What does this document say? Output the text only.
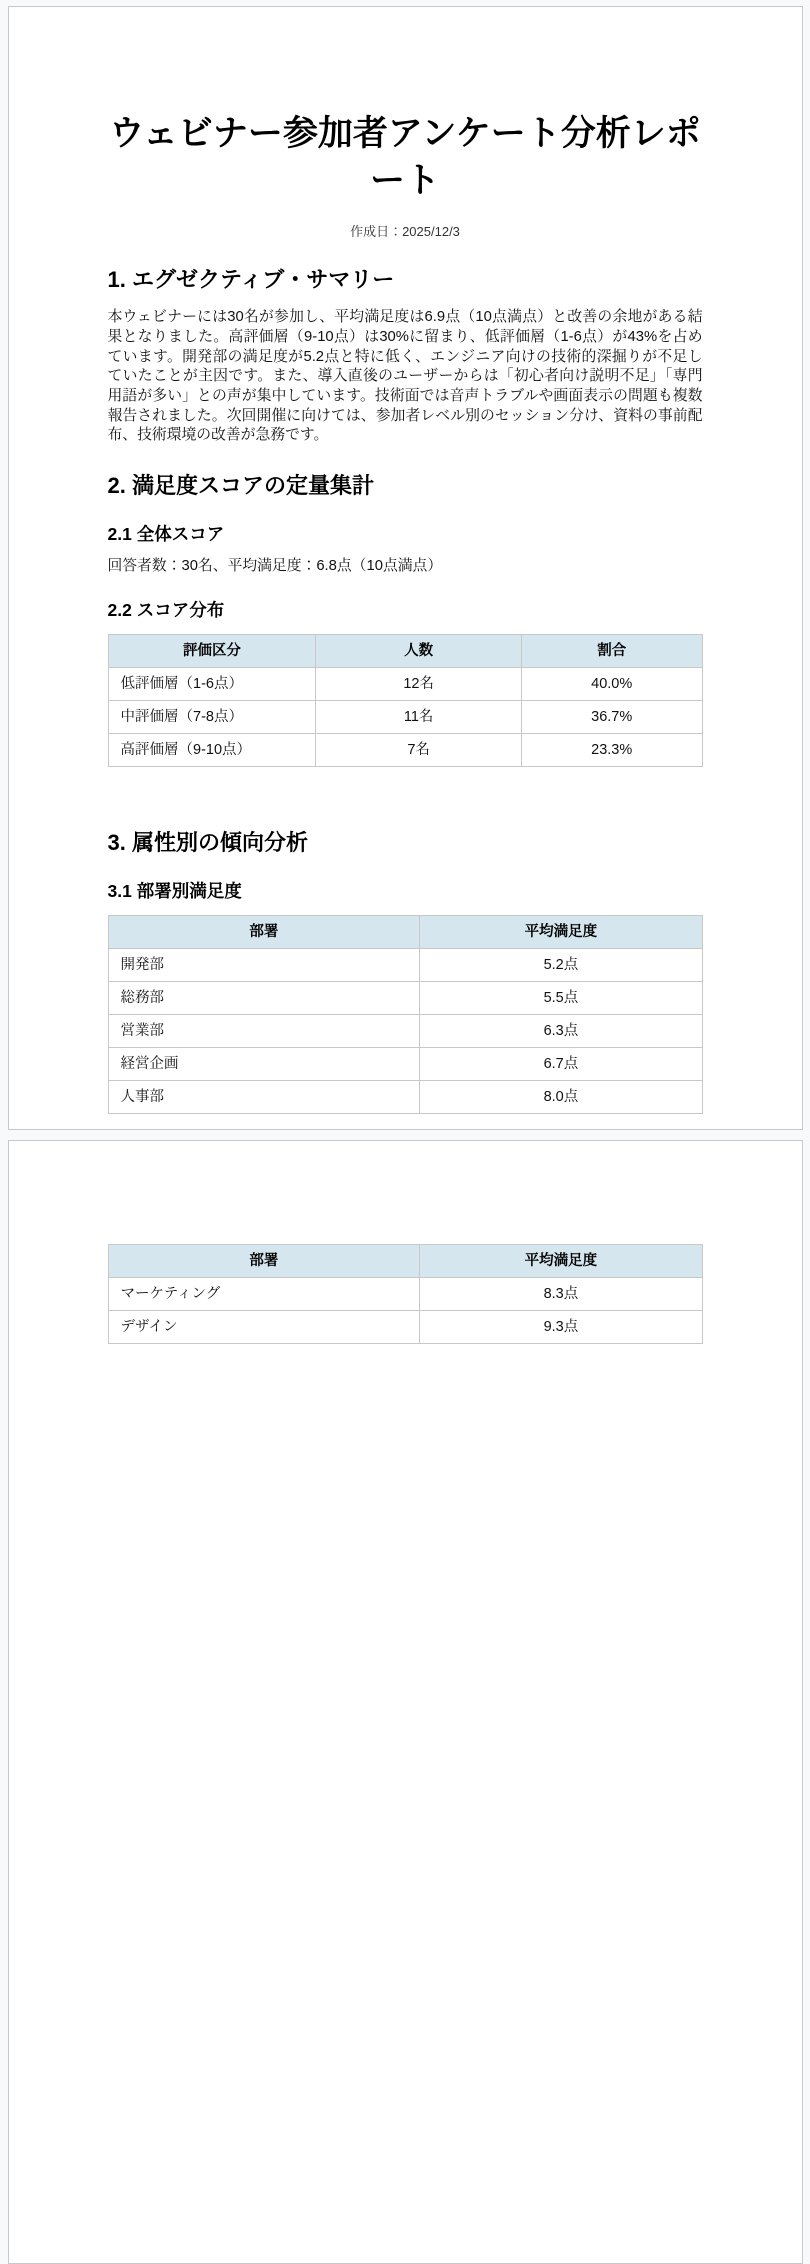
ウェビナー参加者アンケート分析レポート
作成日：2025/12/3
1. エグゼクティブ・サマリー

本ウェビナーには30名が参加し、平均満足度は6.9点（10点満点）と改善の余地がある結果となりました。高評価層（9-10点）は30%に留まり、低評価層（1-6点）が43%を占めています。開発部の満足度が5.2点と特に低く、エンジニア向けの技術的深掘りが不足していたことが主因です。また、導入直後のユーザーからは「初心者向け説明不足」「専門用語が多い」との声が集中しています。技術面では音声トラブルや画面表示の問題も複数報告されました。次回開催に向けては、参加者レベル別のセッション分け、資料の事前配布、技術環境の改善が急務です。

2. 満足度スコアの定量集計
2.1 全体スコア

回答者数：30名、平均満足度：6.8点（10点満点）

2.2 スコア分布
評価区分	人数	割合
低評価層（1-6点）	12名	40.0%
中評価層（7-8点）	11名	36.7%
高評価層（9-10点）	7名	23.3%
3. 属性別の傾向分析
3.1 部署別満足度
部署	平均満足度
開発部	5.2点
総務部	5.5点
営業部	6.3点
経営企画	6.7点
人事部	8.0点
部署	平均満足度
マーケティング	8.3点
デザイン	9.3点
